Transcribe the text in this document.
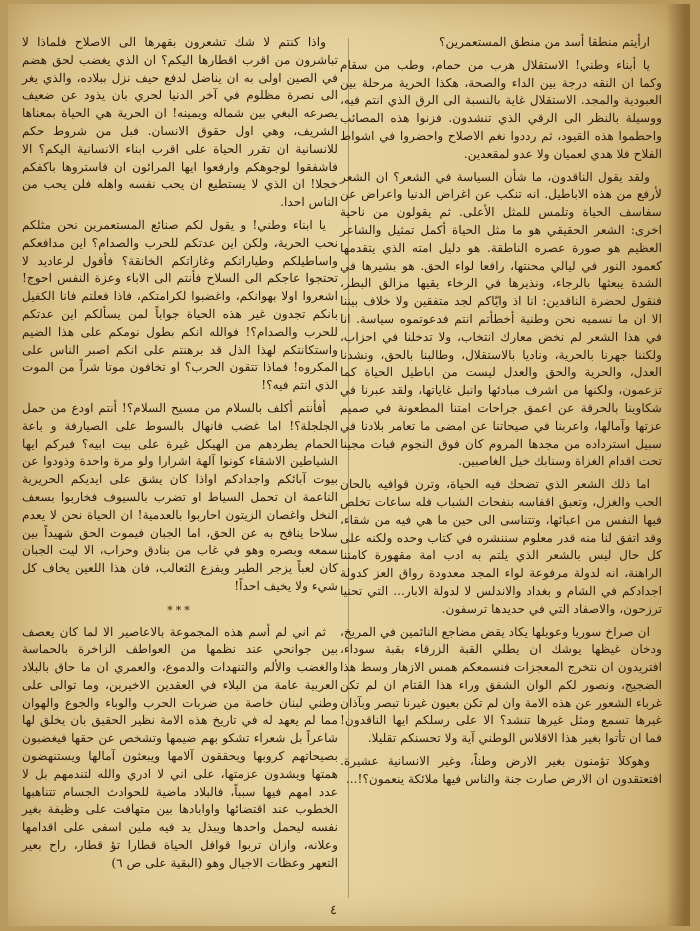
ارأيتم منطقا أسد من منطق المستعمرين؟

يا أبناء وطني! الاستقلال هرب من حمام، وطب من سقام وكما ان النقه درجة بين الداء والصحة، هكذا الحرية مرحلة بين العبودية والمجد. الاستقلال غاية بالنسبة الى الرق الذي انتم فيه، ووسيلة بالنظر الى الرقي الذي تنشدون. فزنوا هذه المصائب واحطموا هذه القيود، ثم رددوا نغم الاصلاح واحضروا في اشواط الفلاح فلا هدي لعميان ولا عدو لمقعدين.

ولقد يقول الناقدون، ما شأن السياسة في الشعر؟ ان الشعر لأرفع من هذه الاباطيل. انه تنكب عن اغراض الدنيا واعراض عن سفاسف الحياة وتلمس للمثل الأعلى. ثم يقولون من ناحية اخرى: الشعر الحقيقي هو ما مثل الحياة أكمل تمثيل والشاعر العظيم هو صورة عصره الناطقة. هو دليل امته الذي يتقدمها كعمود النور في ليالي محنتها، رافعا لواء الحق. هو بشيرها في الشدة يبعثها بالرجاء، ونذيرها في الرخاء يقيها مزالق البطر، فنقول لحضرة الناقدين: انا اذ وايّاكم لجد متفقين ولا خلاف بيننا الا ان ما نسميه نحن وطنية أخطأتم انتم فدعوتموه سياسة. انا في هذا الشعر لم نخض معارك انتخاب، ولا تدخلنا في احزاب، ولكننا جهرنا بالحرية، وناديا بالاستقلال، وطالبنا بالحق، ونشدنا العدل، والحرية والحق والعدل ليست من اباطيل الحياة كما تزعمون، ولكنها من اشرف مبادئها وانبل غاياتها، ولقد عبرنا في شكاوينا بالحرقة عن اعمق جراحات امتنا المطعونة في صميم عزتها وآمالها، واعربنا في صيحاتنا عن امضى ما تعامر بلادنا في سبيل استرداده من مجدها المروم كان فوق النجوم فبات مجينا تحت اقدام الغزاة وسنابك خيل الغاصبين.

اما ذلك الشعر الذي تضحك فيه الحياة، وترن قوافيه بالحان الحب والغزل، وتعبق اقفاسه بنفحات الشباب فله ساعات تخلص فيها النفس من اعبائها، وتتناسى الى حين ما هي فيه من شقاء، وقد اتفق لنا منه قدر معلوم سننشره في كتاب وحده ولكنه على كل حال ليس بالشعر الذي يلتم به ادب امة مقهورة كامتنا الراهنة، انه لدولة مرفوعة لواء المجد معدودة رواق العز كدولة اجدادكم في الشام و بغداد والاندلس لا لدولة الابار... التي تحنيا ترزحون، والاصفاد التي في حديدها ترسفون.

ان صراخ سوريا وعويلها يكاد يقض مضاجع النائمين في المريخ، ودخان غيظها يوشك ان يطلي القبة الزرقاء بقبة سوداء، افتريدون ان نتخرج المعجزات فنسمعكم همس الازهار وسط هذا الضجيج، ونصور لكم الوان الشفق وراء هذا القتام ان لم تكن غرباء الشعور عن هذه الامة وان لم تكن بعيون غيرنا تبصر وبآذان غيرها تسمع ومثل غيرها تنشد؟ الا على رسلكم ايها الناقدون! فما ان تأتوا بغير هذا الاقلاس الوطني آية ولا تحسنكم تقليلا.

وهوكلا تؤمنون بغير الارض وطناً، وغير الانسانية عشيرة. افتعتقدون ان الارض صارت جنة والناس فيها ملائكة ينعمون؟!...

واذا كنتم لا شك تشعرون بقهرها الى الاصلاح فلماذا لا تباشرون من اقرب اقطارها اليكم؟ ان الذي يغضب لحق هضم في الصين اولى به ان يناضل لدفع حيف نزل ببلاده، والذي يغر الى نصرة مظلوم في آخر الدنيا لحري بان يذود عن ضعيف يصرعه البغي بين شماله ويمينه! ان الحرية هي الحياة بمعناها الشريف، وهي اول حقوق الانسان. فبل من شروط حكم للانسانية ان تقرر الحياة على اقرب ابناء الانسانية اليكم؟ الا فاشفقوا لوجوهكم وارفعوا ايها المرائون ان فاستروها باكفكم خجلا! ان الذي لا يستطيع ان يحب نفسه واهله فلن يحب من الناس احدا.

يا ابناء وطني! و يقول لكم صنائع المستعمرين نحن مثلكم نحب الحرية، ولكن اين عدتكم للحرب والصدام؟ اين مدافعكم واساطيلكم وطياراتكم وغازاتكم الخانقة؟ فأقول لرعاديد لا تحتجوا عاجكم الى السلاح فأنتم الى الاباء وعزة النفس احوج! اشعروا اولا بهوانكم، واغضبوا لكرامتكم، فاذا فعلتم فانا الكفيل بانكم تجدون غير هذه الحياة جواباً لمن يسألكم اين عدتكم للحرب والصدام؟! فوالله انكم بطول نومكم على هذا الضيم واستكانتكم لهذا الذل قد برهنتم على انكم اصبر الناس على المكروه! فماذا تتقون الحرب؟ او تخافون موتا شراً من الموت الذي انتم فيه؟!

أفأنتم أكلف بالسلام من مسيح السلام؟! أنتم اودع من حمل الجلجلة؟! اما غضب فانهال بالسوط على الصيارفة و باعة الحمام يطردهم من الهيكل غيرة على بيت ابيه؟ فبركم ايها الشياطين الاشقاء كونوا آلهة اشرارا ولو مرة واحدة وذودوا عن بيوت آبائكم واجدادكم اواذا كان يشق على ايديكم الحريرية الناعمة ان تحمل السياط او تضرب بالسيوف فخاربوا بسعف النخل واغصان الزيتون احاربوا بالعدمية! ان الحياة نحن لا يعدم سلاحا ينافح به عن الحق، اما الجبان فيموت الحق شهيداً بين سمعه وبصره وهو في غاب من بنادق وحراب، الا ليت الجبان كان لعباً يزجر الطير ويفزع الثعالب، فان هذا اللعين يخاف كل شيء ولا يخيف احداً!

***

ثم اني لم أسم هذه المجموعة بالاعاصير الا لما كان يعصف بين جوانحي عند نظمها من العواطف الزاخرة بالحماسة والغضب والألم والتنهدات والدموع، والعمري ان ما حاق بالبلاد العربية عامة من البلاء في العقدين الاخيرين، وما توالى على وطني لبنان خاصة من ضربات الحرب والوباء والجوع والهوان مما لم يعهد له في تاريخ هذه الامة نظير الحقيق بان يخلق لها شاعراً بل شعراء تشكو بهم ضيمها وتشخص عن حقها فيغضبون بصيحاتهم كروبها ويحققون آلامها ويبعثون آمالها ويستنهضون همتها ويشدون عزمتها، على اني لا ادري والله لتندمهم بل لا عدد امهم فيها سبباً، فالبلاد ماضية للحوادث الجسام تتناهبها الخطوب عند اقتضائها واوابادها بين متهافت على وظيفة بغير نفسه ليحمل واحدها ويبذل يد فيه ملين اسفى على اقدامها وعلانه، وازان تربوا قوافل الحياة قطارا تؤ قطار، راح بعير التعهر وعظات الاجيال وهو (البقية على ص ٦)

٤
